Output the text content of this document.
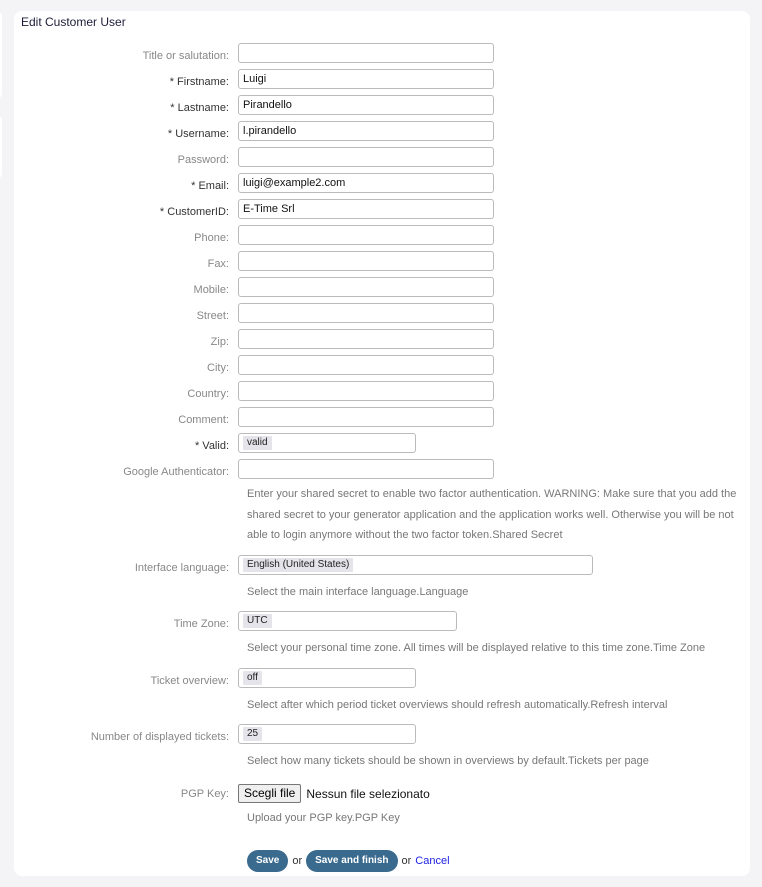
Edit Customer User
Title or salutation:
* Firstname:	Luigi
* Lastname:	Pirandello
* Username:	l.pirandello
Password:
* Email:	luigi@example2.com
* CustomerID:	E-Time Srl
Phone:
Fax:
Mobile:
Street:
Zip:
City:
Country:
Comment:
* Valid:	valid
Google Authenticator:
Enter your shared secret to enable two factor authentication. WARNING: Make sure that you add the shared secret to your generator application and the application works well. Otherwise you will be not able to login anymore without the two factor token.Shared Secret
Interface language:	English (United States)
Select the main interface language.Language
Time Zone:	UTC
Select your personal time zone. All times will be displayed relative to this time zone.Time Zone
Ticket overview:	off
Select after which period ticket overviews should refresh automatically.Refresh interval
Number of displayed tickets:	25
Select how many tickets should be shown in overviews by default.Tickets per page
PGP Key:	Scegli file Nessun file selezionato
Upload your PGP key.PGP Key
Save	or	Save and finish	or Cancel
